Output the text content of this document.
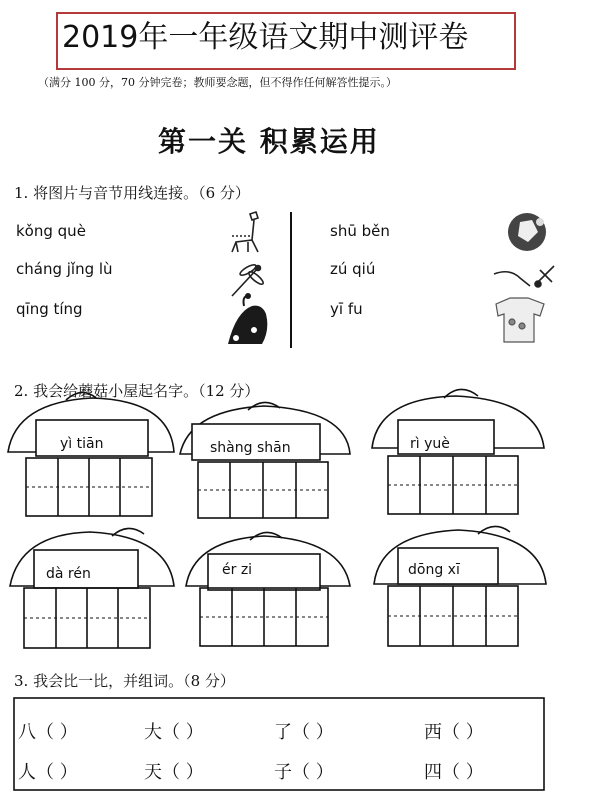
2019年一年级语文期中测评卷
（满分 100 分，70 分钟完卷；教师要念题，但不得作任何解答性提示。）
第一关 积累运用
1. 将图片与音节用线连接。（6 分）
kǒng què
cháng jǐng lù
qīng tíng
shū běn
zú qiú
yī fu
2. 我会给蘑菇小屋起名字。（12 分）
yì tiān	shàng shān	rì yuè
dà rén	ér zi	dōng xī
3. 我会比一比，并组词。（8 分）
八（ ）	大（ ）	了（ ）	西（ ）
人（ ）	天（ ）	子（ ）	四（ ）
